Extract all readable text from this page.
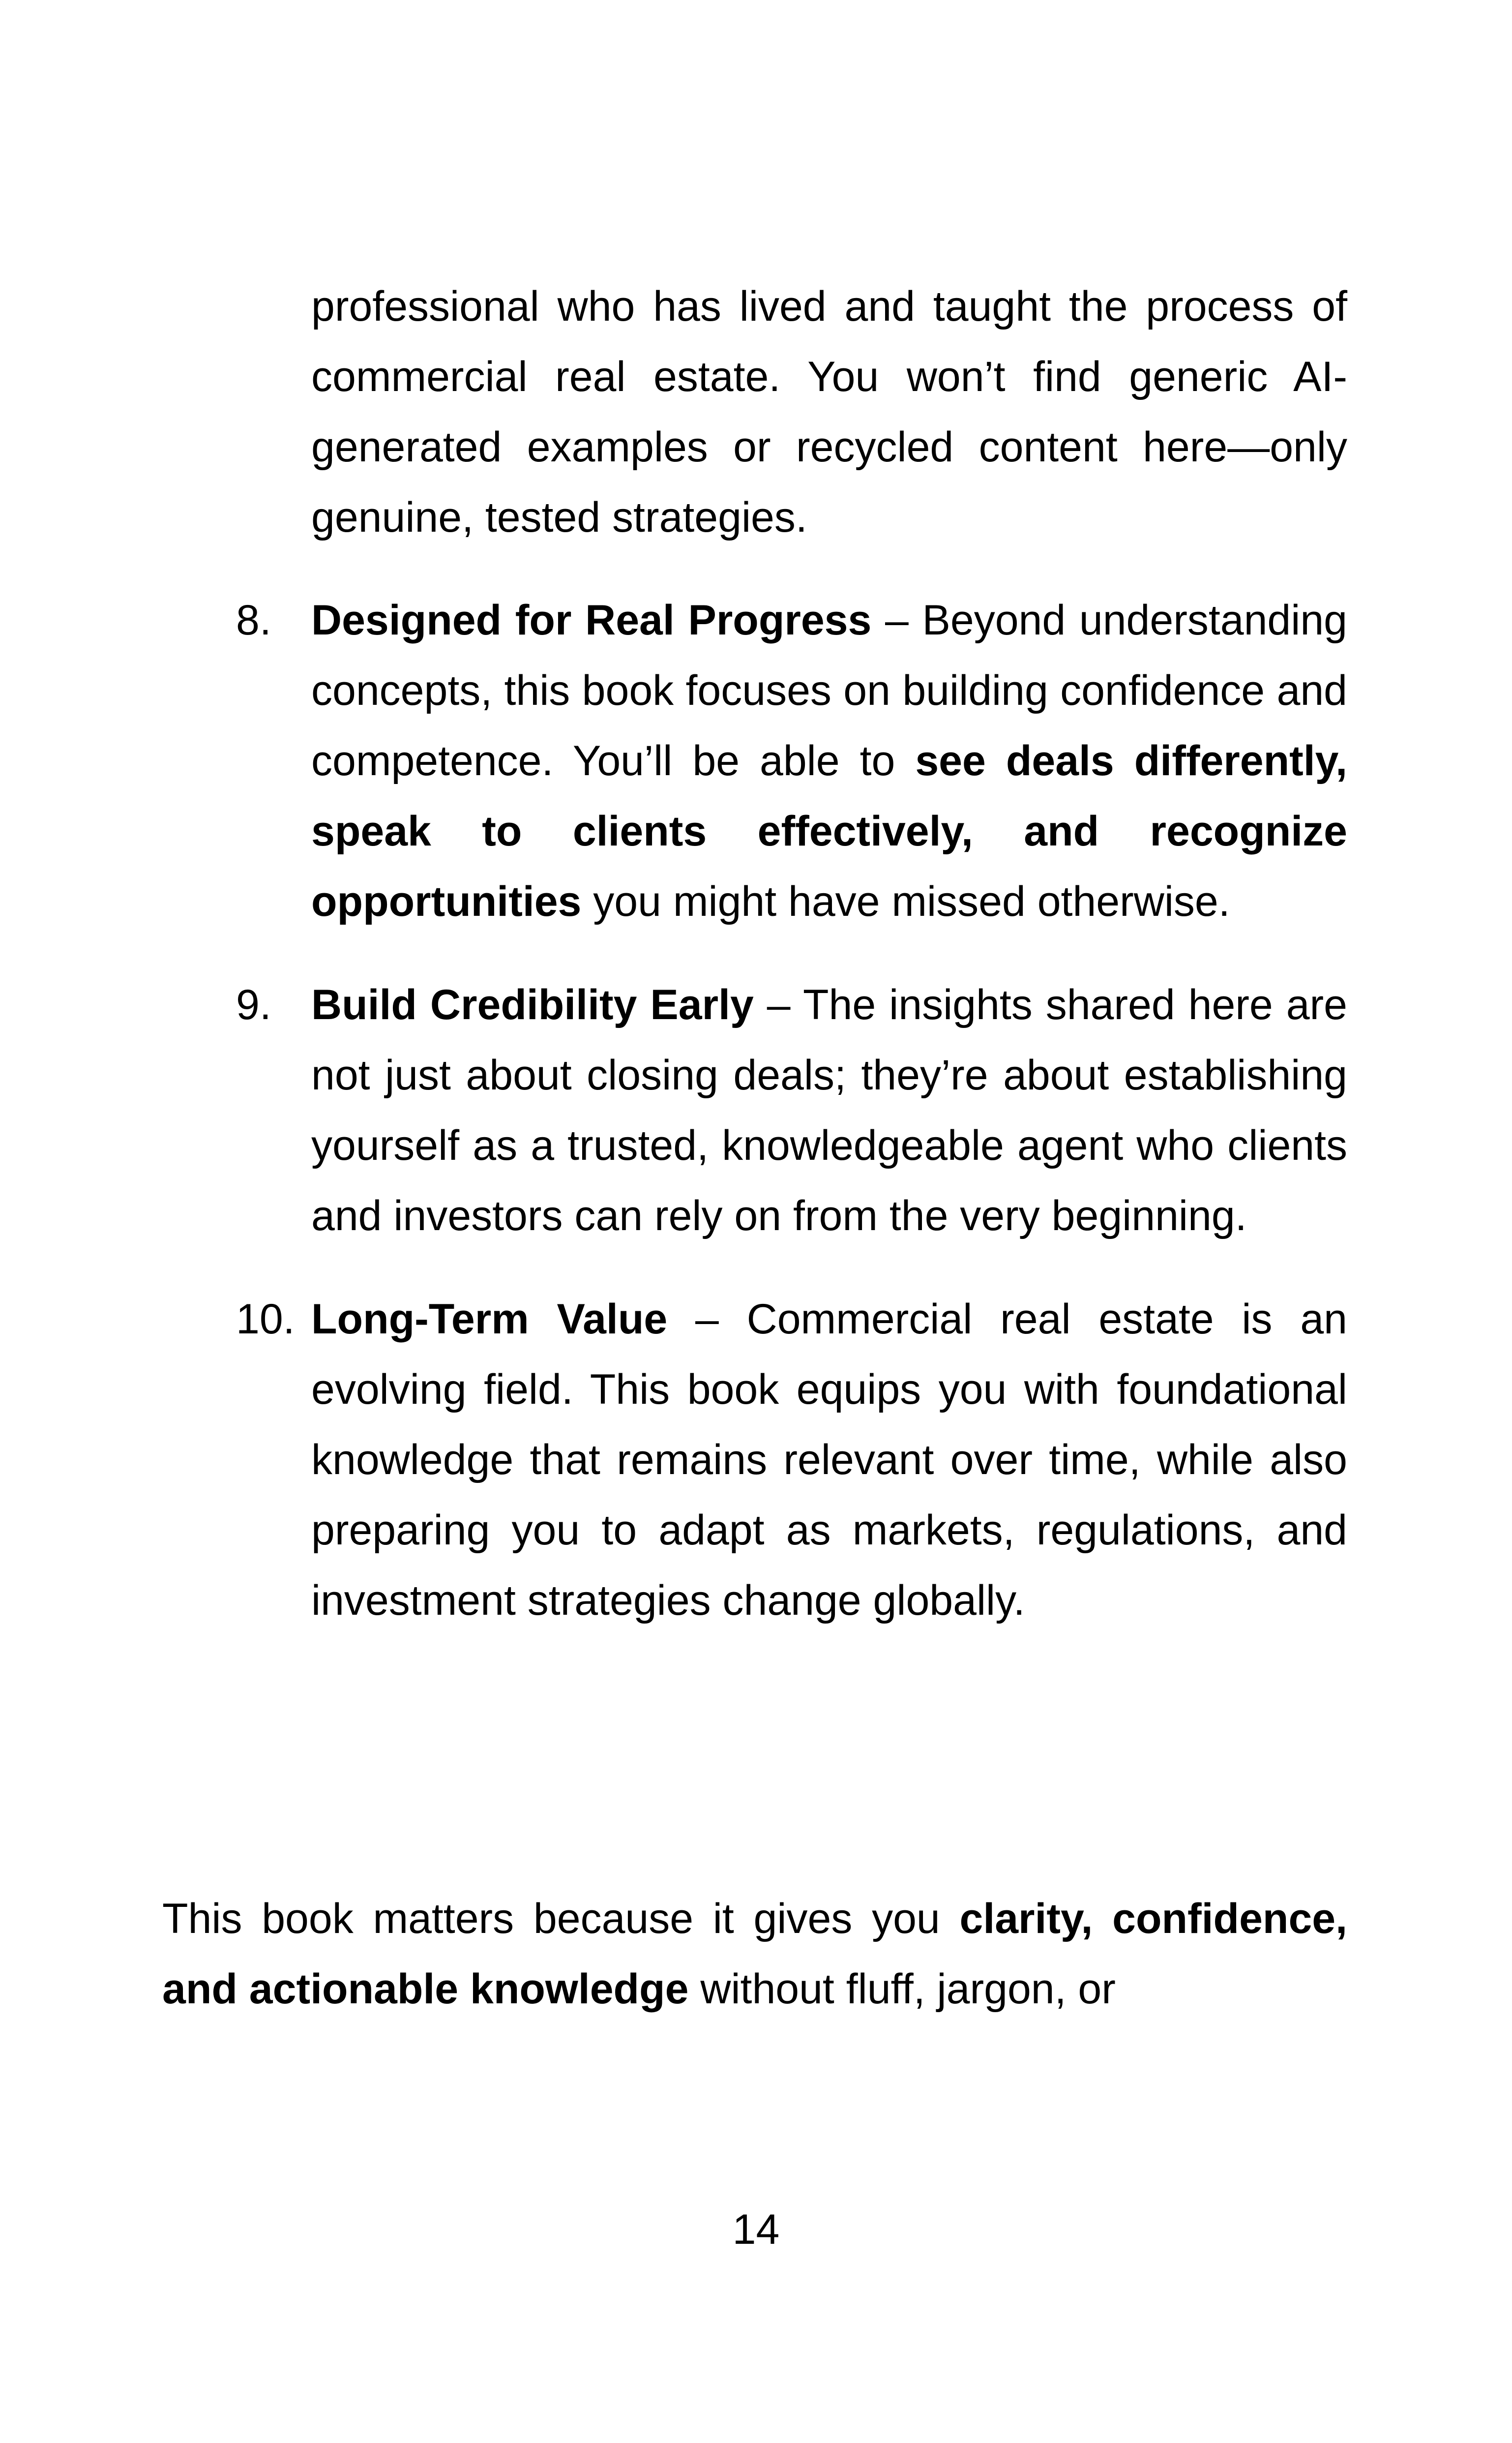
professional who has lived and taught the process of commercial real estate. You won’t find generic AI-generated examples or recycled content here—only genuine, tested strategies.

8. Designed for Real Progress – Beyond understanding concepts, this book focuses on building confidence and competence. You’ll be able to see deals differently, speak to clients effectively, and recognize opportunities you might have missed otherwise.
9. Build Credibility Early – The insights shared here are not just about closing deals; they’re about establishing yourself as a trusted, knowledgeable agent who clients and investors can rely on from the very beginning.
10. Long-Term Value – Commercial real estate is an evolving field. This book equips you with foundational knowledge that remains relevant over time, while also preparing you to adapt as markets, regulations, and investment strategies change globally.

This book matters because it gives you clarity, confidence, and actionable knowledge without fluff, jargon, or

14
